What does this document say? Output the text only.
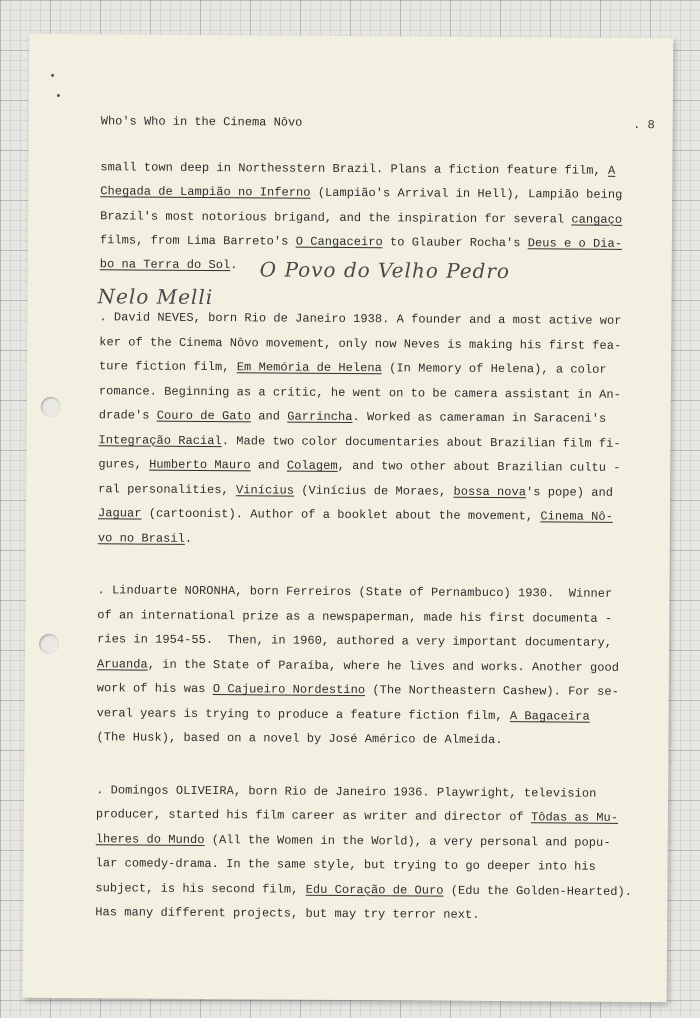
Who's Who in the Cinema Nôvo	. 8
small town deep in Northesstern Brazil. Plans a fiction feature film, A
Chegada de Lampião no Inferno (Lampião's Arrival in Hell), Lampião being
Brazil's most notorious brigand, and the inspiration for several cangaço
films, from Lima Barreto's O Cangaceiro to Glauber Rocha's Deus e o Dia-
bo na Terra do Sol.
. David NEVES, born Rio de Janeiro 1938. A founder and a most active wor
ker of the Cinema Nôvo movement, only now Neves is making his first fea-
ture fiction film, Em Memória de Helena (In Memory of Helena), a color
romance. Beginning as a critic, he went on to be camera assistant in An-
drade's Couro de Gato and Garrincha. Worked as cameraman in Saraceni's
Integração Racial. Made two color documentaries about Brazilian film fi-
gures, Humberto Mauro and Colagem, and two other about Brazilian cultu -
ral personalities, Vinícius (Vinícius de Moraes, bossa nova's pope) and
Jaguar (cartoonist). Author of a booklet about the movement, Cinema Nô-
vo no Brasil.
. Linduarte NORONHA, born Ferreiros (State of Pernambuco) 1930.  Winner
of an international prize as a newspaperman, made his first documenta -
ries in 1954-55.  Then, in 1960, authored a very important documentary,
Aruanda, in the State of Paraíba, where he lives and works. Another good
work of his was O Cajueiro Nordestino (The Northeastern Cashew). For se-
veral years is trying to produce a feature fiction film, A Bagaceira
(The Husk), based on a novel by José Américo de Almeida.
. Domingos OLIVEIRA, born Rio de Janeiro 1936. Playwright, television
producer, started his film career as writer and director of Tôdas as Mu-
lheres do Mundo (All the Women in the World), a very personal and popu-
lar comedy-drama. In the same style, but trying to go deeper into his
subject, is his second film, Edu Coração de Ouro (Edu the Golden-Hearted).
Has many different projects, but may try terror next.
O Povo do Velho Pedro
Nelo Melli
